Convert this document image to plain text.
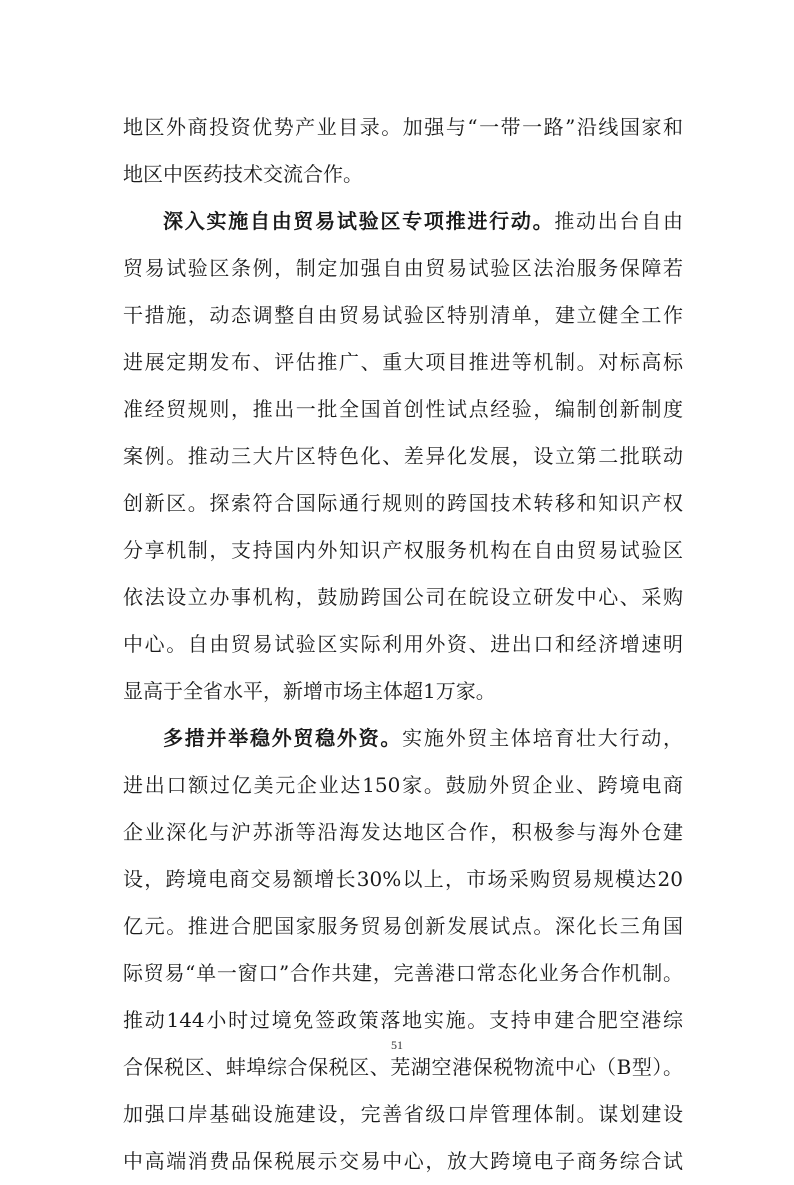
地区外商投资优势产业目录。加强与“一带一路”沿线国家和
地区中医药技术交流合作。
深入实施自由贸易试验区专项推进行动。推动出台自由
贸易试验区条例，制定加强自由贸易试验区法治服务保障若
干措施，动态调整自由贸易试验区特别清单，建立健全工作
进展定期发布、评估推广、重大项目推进等机制。对标高标
准经贸规则，推出一批全国首创性试点经验，编制创新制度
案例。推动三大片区特色化、差异化发展，设立第二批联动
创新区。探索符合国际通行规则的跨国技术转移和知识产权
分享机制，支持国内外知识产权服务机构在自由贸易试验区
依法设立办事机构，鼓励跨国公司在皖设立研发中心、采购
中心。自由贸易试验区实际利用外资、进出口和经济增速明
显高于全省水平，新增市场主体超1万家。
多措并举稳外贸稳外资。实施外贸主体培育壮大行动，
进出口额过亿美元企业达150家。鼓励外贸企业、跨境电商
企业深化与沪苏浙等沿海发达地区合作，积极参与海外仓建
设，跨境电商交易额增长30%以上，市场采购贸易规模达20
亿元。推进合肥国家服务贸易创新发展试点。深化长三角国
际贸易“单一窗口”合作共建，完善港口常态化业务合作机制。
推动144小时过境免签政策落地实施。支持申建合肥空港综
合保税区、蚌埠综合保税区、芜湖空港保税物流中心（B型）。
加强口岸基础设施建设，完善省级口岸管理体制。谋划建设
中高端消费品保税展示交易中心，放大跨境电子商务综合试
51
